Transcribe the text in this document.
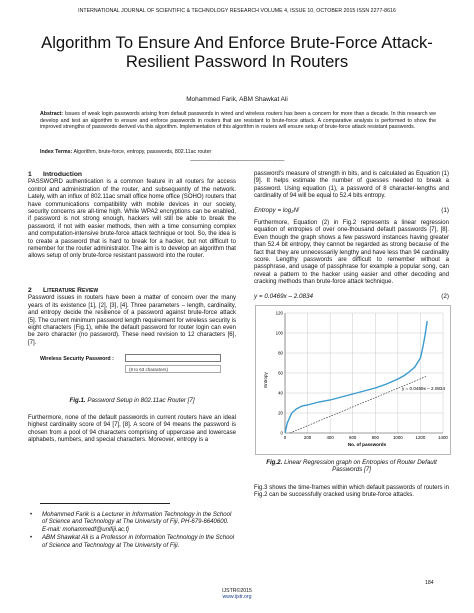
INTERNATIONAL JOURNAL OF SCIENTIFIC & TECHNOLOGY RESEARCH VOLUME 4, ISSUE 10, OCTOBER 2015 ISSN 2277-8616
Algorithm To Ensure And Enforce Brute-Force Attack-Resilient Password In Routers
Mohammed Farik, ABM Shawkat Ali

Abstract: Issues of weak login passwords arising from default passwords in wired and wireless routers has been a concern for more than a decade. In this research we develop and test an algorithm to ensure and enforce passwords in routers that are resistant to brute-force attack. A comparative analysis is performed to show the improved strengths of passwords derived via this algorithm. Implementation of this algorithm in routers will ensure setup of brute-force attack resistant passwords.

Index Terms: Algorithm, brute-force, entropy, passwords, 802.11ac router

————————————————————
1 Introduction

PASSWORD authentication is a common feature in all routers for access control and administration of the router, and subsequently of the network. Lately, with an influx of 802.11ac small office home office (SOHO) routers that have communications compatibility with mobile devices in our society, security concerns are all-time high. While WPA2 encryptions can be enabled, if password is not strong enough, hackers will still be able to break the password, if not with easier methods, then with a time consuming complex and computation-intensive brute-force attack technique or tool. So, the idea is to create a password that is hard to break for a hacker, but not difficult to remember for the router administrator. The aim is to develop an algorithm that allows setup of only brute-force resistant password into the router.

2 Literature Review

Password issues in routers have been a matter of concern over the many years of its existence [1], [2], [3], [4]. Three parameters – length, cardinality, and entropy decide the resilience of a password against brute-force attack [5]. The current minimum password length requirement for wireless security is eight characters (Fig.1), while the default password for router login can even be zero character (no password). These need revision to 12 characters [6], [7].

Wireless Security Password :
(8 to 63 characters)
Fig.1. Password Setup in 802.11ac Router [7]

Furthermore, none of the default passwords in current routers have an ideal highest cardinality score of 94 [7], [8]. A score of 94 means the password is chosen from a pool of 94 characters comprising of uppercase and lowercase alphabets, numbers, and special characters. Moreover, entropy is a

• Mohammed Farik is a Lecturer in Information Technology in the School of Science and Technology at The University of Fiji, PH-679-6640600. E-mail: mohammedf@unifiji.ac.fj
• ABM Shawkat Ali is a Professor in Information Technology in the School of Science and Technology at The University of Fiji.

password's measure of strength in bits, and is calculated as Equation (1) [9]. It helps estimate the number of guesses needed to break a password. Using equation (1), a password of 8 character-lengths and cardinality of 94 will be equal to 52.4 bits entropy.

Entropy = log₂Nˡ	(1)

Furthermore, Equation (2) in Fig.2 represents a linear regression equation of entropies of over one-thousand default passwords [7], [8]. Even though the graph shows a few password instances having greater than 52.4 bit entropy, they cannot be regarded as strong because of the fact that they are unnecessarily lengthy and have less than 94 cardinality score. Lengthy passwords are difficult to remember without a passphrase, and usage of passphrase for example a popular song, can reveal a pattern to the hacker using easier and other decoding and cracking methods than brute-force attack technique.

y = 0.0469x – 2.0834	(2)
0
20
40
60
80
100
120
0	200	400	600	800	1000	1200	1400
Entropy
No. of passwords
y = 0.0469x – 2.0834
Fig.2. Linear Regression graph on Entropies of Router Default Passwords [7]

Fig.3 shows the time-frames within which default passwords of routers in Fig.2 can be successfully cracked using brute-force attacks.

184
IJSTR©2015
www.ijstr.org
